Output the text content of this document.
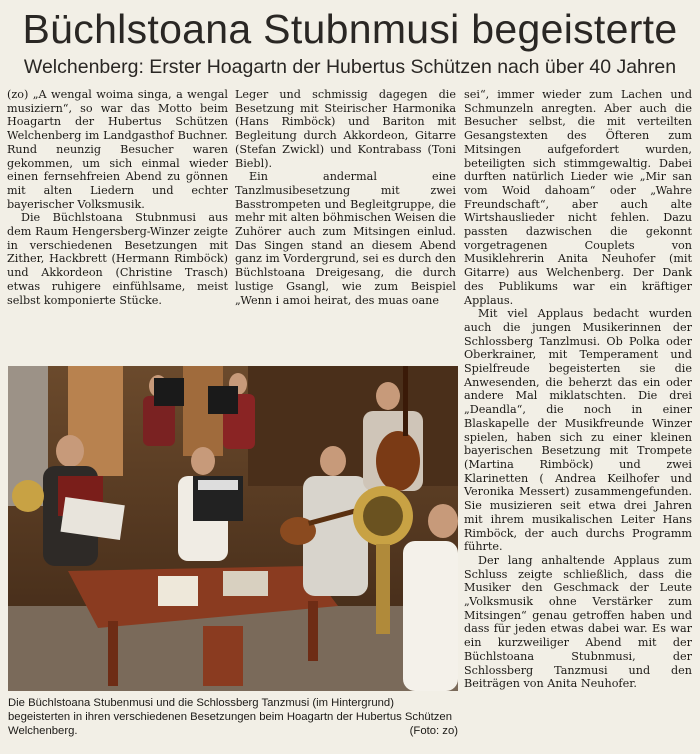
Büchlstoana Stubnmusi begeisterte
Welchenberg: Erster Hoagartn der Hubertus Schützen nach über 40 Jahren

(zo) „A wengal woima singa, a wengal musiziern“, so war das Motto beim Hoagartn der Hubertus Schützen Welchenberg im Landgasthof Buchner. Rund neunzig Besucher waren gekommen, um sich einmal wieder einen fernsehfreien Abend zu gönnen mit alten Liedern und echter bayerischer Volksmusik.

Die Büchlstoana Stubnmusi aus dem Raum Hengersberg-Winzer zeigte in verschiedenen Besetzungen mit Zither, Hackbrett (Hermann Rimböck) und Akkordeon (Christine Trasch) etwas ruhigere einfühlsame, meist selbst komponierte Stücke.

Leger und schmissig dagegen die Besetzung mit Steirischer Harmonika (Hans Rimböck) und Bariton mit Begleitung durch Akkordeon, Gitarre (Stefan Zwickl) und Kontrabass (Toni Biebl).

Ein andermal eine Tanzlmusibesetzung mit zwei Basstrompeten und Begleitgruppe, die mehr mit alten böhmischen Weisen die Zuhörer auch zum Mitsingen einlud. Das Singen stand an diesem Abend ganz im Vordergrund, sei es durch den Büchlstoana Dreigesang, die durch lustige Gsangl, wie zum Beispiel „Wenn i amoi heirat, des muas oane

sei“, immer wieder zum Lachen und Schmunzeln anregten. Aber auch die Besucher selbst, die mit verteilten Gesangstexten des Öfteren zum Mitsingen aufgefordert wurden, beteiligten sich stimmgewaltig. Dabei durften natürlich Lieder wie „Mir san vom Woid dahoam“ oder „Wahre Freundschaft“, aber auch alte Wirtshauslieder nicht fehlen. Dazu passten dazwischen die gekonnt vorgetragenen Couplets von Musiklehrerin Anita Neuhofer (mit Gitarre) aus Welchenberg. Der Dank des Publikums war ein kräftiger Applaus.

Mit viel Applaus bedacht wurden auch die jungen Musikerinnen der Schlossberg Tanzlmusi. Ob Polka oder Oberkrainer, mit Temperament und Spielfreude begeisterten sie die Anwesenden, die beherzt das ein oder andere Mal miklatschten. Die drei „Deandla“, die noch in einer Blaskapelle der Musikfreunde Winzer spielen, haben sich zu einer kleinen bayerischen Besetzung mit Trompete (Martina Rimböck) und zwei Klarinetten ( Andrea Keilhofer und Veronika Messert) zusammengefunden. Sie musizieren seit etwa drei Jahren mit ihrem musikalischen Leiter Hans Rimböck, der auch durchs Programm führte.

Der lang anhaltende Applaus zum Schluss zeigte schließlich, dass die Musiker den Geschmack der Leute „Volksmusik ohne Verstärker zum Mitsingen“ genau getroffen haben und dass für jeden etwas dabei war. Es war ein kurzweiliger Abend mit der Büchlstoana Stubnmusi, der Schlossberg Tanzmusi und den Beiträgen von Anita Neuhofer.

Die Büchlstoana Stubenmusi und die Schlossberg Tanzmusi (im Hintergrund) begeisterten in ihren verschiedenen Besetzungen beim Hoagartn der Hubertus Schützen Welchenberg.	(Foto: zo)
